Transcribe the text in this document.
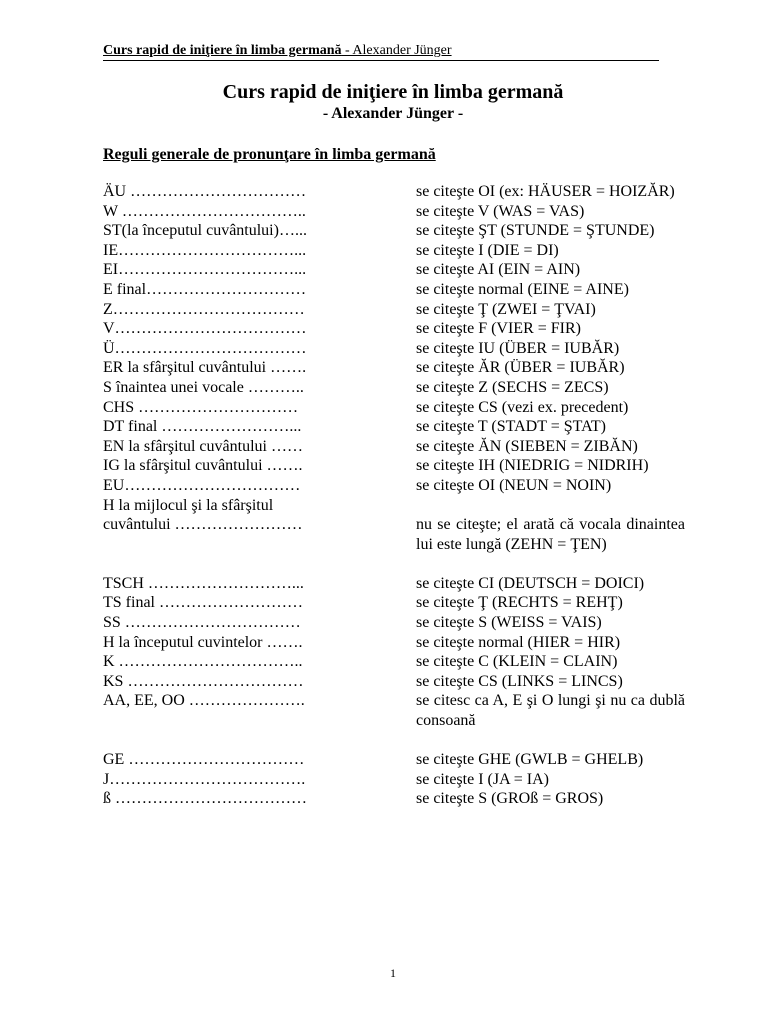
Curs rapid de iniţiere în limba germană - Alexander Jünger
Curs rapid de iniţiere în limba germană
- Alexander Jünger -
Reguli generale de pronunţare în limba germană
ÄU ……………………………	se citeşte OI (ex: HÄUSER = HOIZĂR)
W ……………………………..	se citeşte V (WAS = VAS)
ST(la începutul cuvântului)…...	se citeşte ŞT (STUNDE = ŞTUNDE)
IE……………………………...	se citeşte I (DIE = DI)
EI……………………………...	se citeşte AI (EIN = AIN)
E final…………………………	se citeşte normal (EINE = AINE)
Z………………………………	se citeşte Ţ (ZWEI = ŢVAI)
V………………………………	se citeşte F (VIER = FIR)
Ü………………………………	se citeşte IU (ÜBER = IUBĂR)
ER la sfârşitul cuvântului …….	se citeşte ĂR (ÜBER = IUBĂR)
S înaintea unei vocale ………..	se citeşte Z (SECHS = ZECS)
CHS …………………………	se citeşte CS (vezi ex. precedent)
DT final ……………………...	se citeşte T (STADT = ŞTAT)
EN la sfârşitul cuvântului ……	se citeşte ĂN (SIEBEN = ZIBĂN)
IG la sfârşitul cuvântului …….	se citeşte IH (NIEDRIG = NIDRIH)
EU……………………………	se citeşte OI (NEUN = NOIN)
H la mijlocul şi la sfârşitul
cuvântului ……………………	nu se citeşte; el arată că vocala dinaintea lui este lungă (ZEHN = ŢEN)
TSCH ………………………...	se citeşte CI (DEUTSCH = DOICI)
TS final ………………………	se citeşte Ţ (RECHTS = REHŢ)
SS ……………………………	se citeşte S (WEISS = VAIS)
H la începutul cuvintelor …….	se citeşte normal (HIER = HIR)
K ……………………………..	se citeşte C (KLEIN = CLAIN)
KS ……………………………	se citeşte CS (LINKS = LINCS)
AA, EE, OO ………………….	se citesc ca A, E şi O lungi şi nu ca dublă consoană
GE ……………………………	se citeşte GHE (GWLB = GHELB)
J……………………………….	se citeşte I (JA = IA)
ß ………………………………	se citeşte S (GROß = GROS)
1
